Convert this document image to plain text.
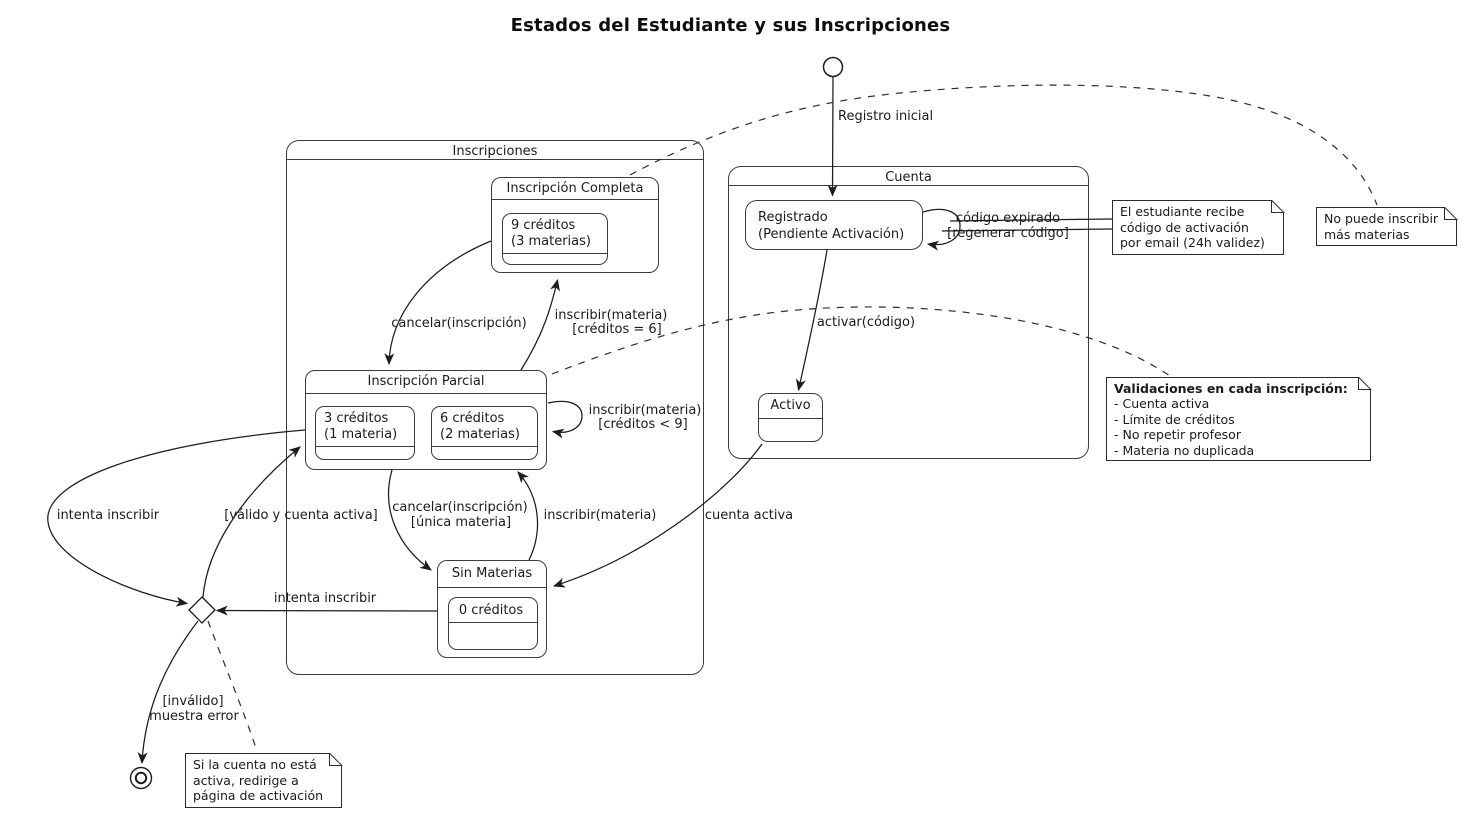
Estados del Estudiante y sus Inscripciones
Inscripciones
Cuenta
Inscripción Completa
9 créditos
(3 materias)
Inscripción Parcial
3 créditos
(1 materia)
6 créditos
(2 materias)
Sin Materias
0 créditos
Registrado
(Pendiente Activación)
Activo
El estudiante recibe
código de activación
por email (24h validez)
No puede inscribir
más materias
Validaciones en cada inscripción:
- Cuenta activa
- Límite de créditos
- No repetir profesor
- Materia no duplicada
Si la cuenta no está
activa, redirige a
página de activación
Registro inicial
código expirado
[regenerar código]
activar(código)
cancelar(inscripción)
inscribir(materia)
[créditos = 6]
inscribir(materia)
[créditos < 9]
cancelar(inscripción)
[única materia]	inscribir(materia)	cuenta activa
intenta inscribir	[válido y cuenta activa]
intenta inscribir
[inválido]
muestra error
